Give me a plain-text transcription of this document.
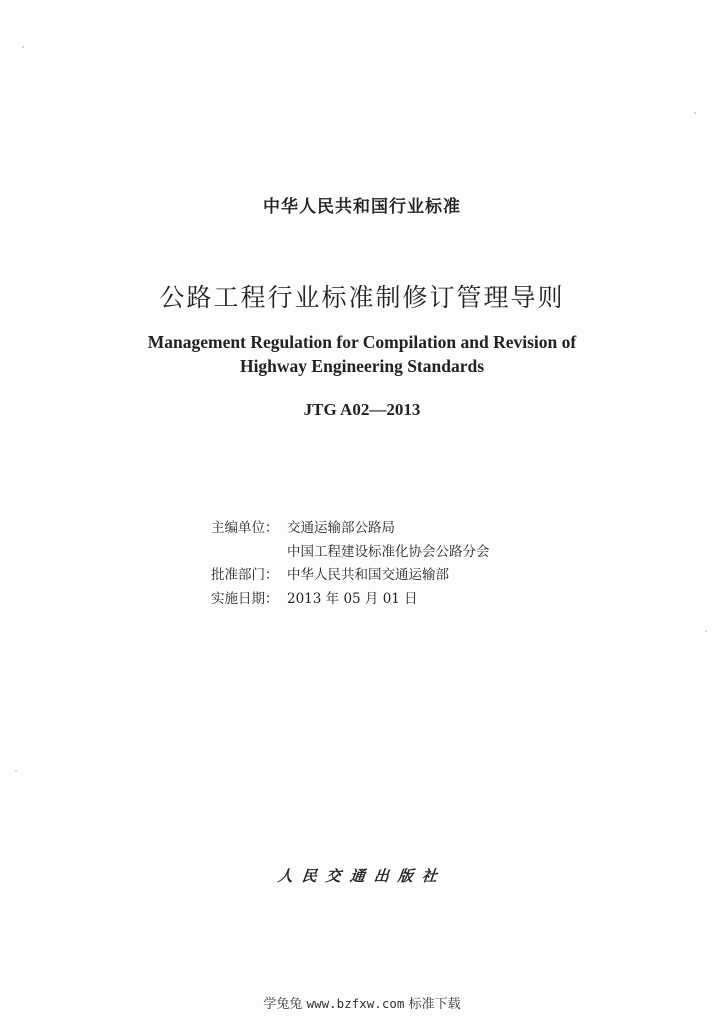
中华人民共和国行业标准
公路工程行业标准制修订管理导则
Management Regulation for Compilation and Revision of
Highway Engineering Standards
JTG A02—2013
主编单位： 交通运输部公路局
中国工程建设标准化协会公路分会
批准部门： 中华人民共和国交通运输部
实施日期： 2013 年 05 月 01 日
人民交通出版社
学兔兔 www.bzfxw.com 标准下载
